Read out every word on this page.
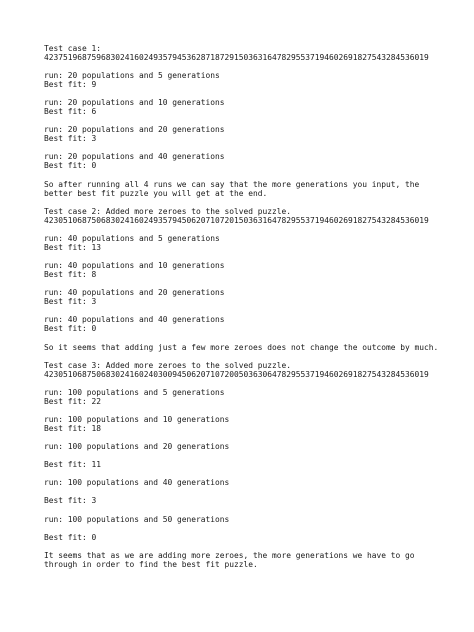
Test case 1:
423751968759683024160249357945362871872915036316478295537194602691827543284536019
run: 20 populations and 5 generations
Best fit: 9
run: 20 populations and 10 generations
Best fit: 6
run: 20 populations and 20 generations
Best fit: 3
run: 20 populations and 40 generations
Best fit: 0
So after running all 4 runs we can say that the more generations you input, the
better best fit puzzle you will get at the end.
Test case 2: Added more zeroes to the solved puzzle.
423051068750683024160249357945062071072015036316478295537194602691827543284536019
run: 40 populations and 5 generations
Best fit: 13
run: 40 populations and 10 generations
Best fit: 8
run: 40 populations and 20 generations
Best fit: 3
run: 40 populations and 40 generations
Best fit: 0
So it seems that adding just a few more zeroes does not change the outcome by much.
Test case 3: Added more zeroes to the solved puzzle.
423051068750683024160240300945062071072005036306478295537194602691827543284536019
run: 100 populations and 5 generations
Best fit: 22
run: 100 populations and 10 generations
Best fit: 18
run: 100 populations and 20 generations
Best fit: 11
run: 100 populations and 40 generations
Best fit: 3
run: 100 populations and 50 generations
Best fit: 0
It seems that as we are adding more zeroes, the more generations we have to go
through in order to find the best fit puzzle.
